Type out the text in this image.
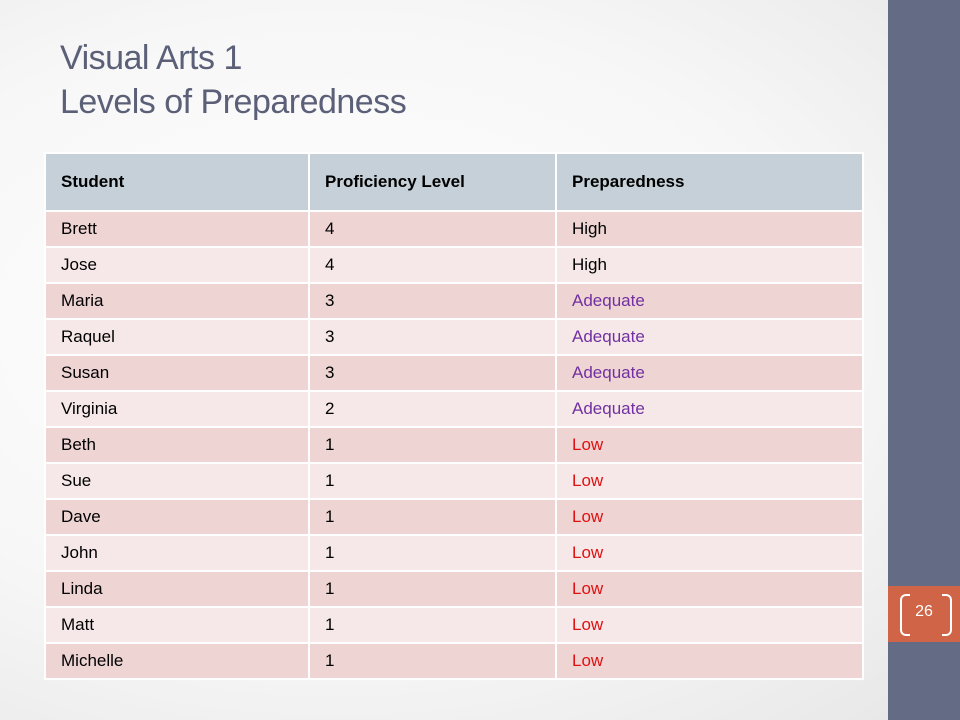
26
Visual Arts 1
Levels of Preparedness
Student	Proficiency Level	Preparedness
Brett	4	High
Jose	4	High
Maria	3	Adequate
Raquel	3	Adequate
Susan	3	Adequate
Virginia	2	Adequate
Beth	1	Low
Sue	1	Low
Dave	1	Low
John	1	Low
Linda	1	Low
Matt	1	Low
Michelle	1	Low
